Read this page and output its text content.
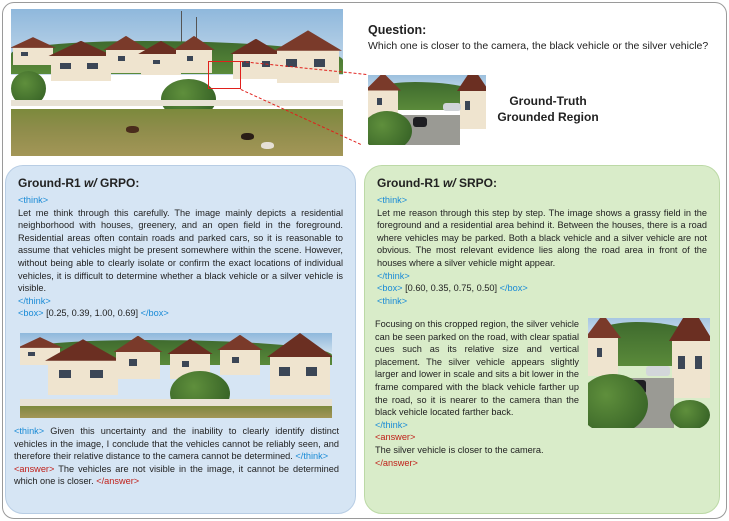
Question:
Which one is closer to the camera, the black vehicle or the silver vehicle?
Ground-Truth
Grounded Region
Ground-R1 w/ GRPO:
<think>
Let me think through this carefully. The image mainly depicts a residential neighborhood with houses, greenery, and an open field in the foreground. Residential areas often contain roads and parked cars, so it is reasonable to assume that vehicles might be present somewhere within the scene. However, without being able to clearly isolate or confirm the exact locations of individual vehicles, it is difficult to determine whether a black vehicle or a silver vehicle is visible.
</think>
<box> [0.25, 0.39, 1.00, 0.69] </box>
<think> Given this uncertainty and the inability to clearly identify distinct vehicles in the image, I conclude that the vehicles cannot be reliably seen, and therefore their relative distance to the camera cannot be determined. </think>
<answer> The vehicles are not visible in the image, it cannot be determined which one is closer. </answer>
Ground-R1 w/ SRPO:
<think>
Let me reason through this step by step. The image shows a grassy field in the foreground and a residential area behind it. Between the houses, there is a road where vehicles may be parked. Both a black vehicle and a silver vehicle are not obvious. The most relevant evidence lies along the road area in front of the houses where a silver vehicle might appear.
</think>
<box> [0.60, 0.35, 0.75, 0.50] </box>
<think>
Focusing on this cropped region, the silver vehicle can be seen parked on the road, with clear spatial cues such as its relative size and vertical placement. The silver vehicle appears slightly larger and lower in scale and sits a bit lower in the frame compared with the black vehicle farther up the road, so it is nearer to the camera than the black vehicle located farther back.
</think>
<answer>
The silver vehicle is closer to the camera.
</answer>
